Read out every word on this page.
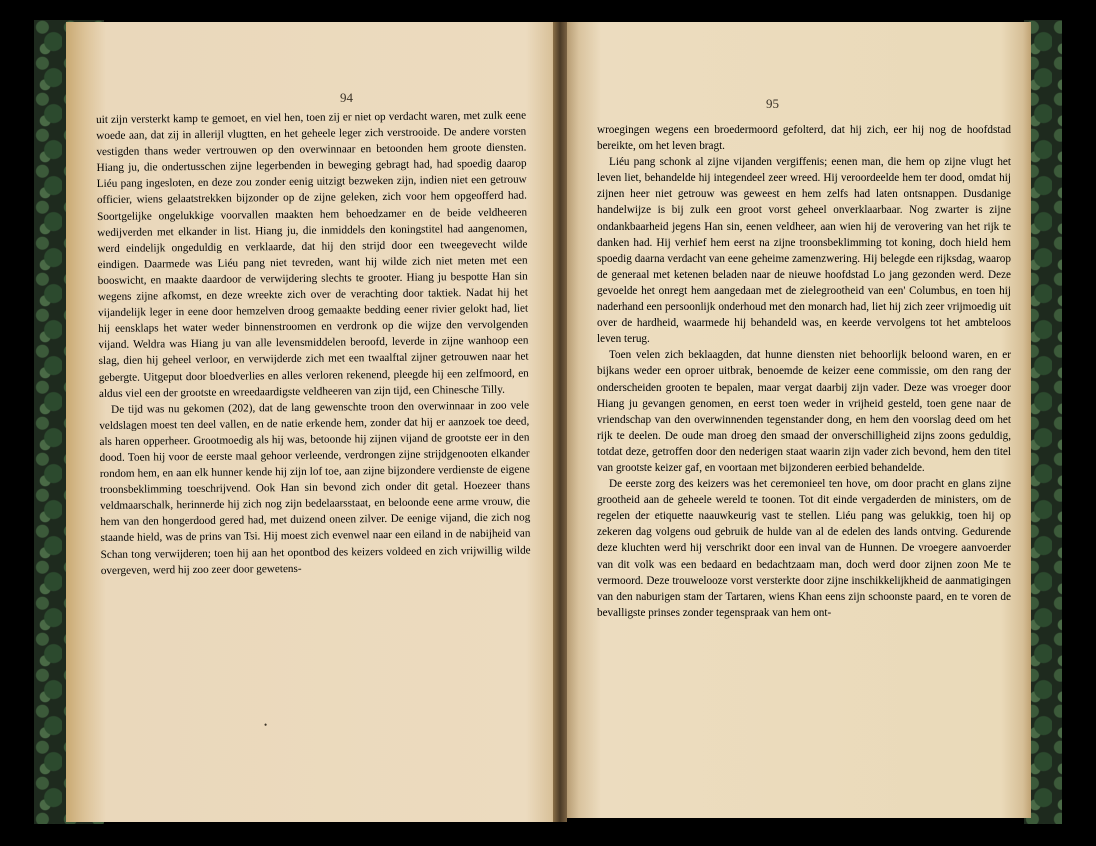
94	95

uit zijn versterkt kamp te gemoet, en viel hen, toen zij er niet op verdacht waren, met zulk eene woede aan, dat zij in allerijl vlugtten, en het geheele leger zich verstrooide. De andere vorsten vestigden thans weder vertrouwen op den overwinnaar en betoonden hem groote diensten. Hiang ju, die ondertusschen zijne legerbenden in beweging gebragt had, had spoedig daarop Liéu pang ingesloten, en deze zou zonder eenig uitzigt bezweken zijn, indien niet een getrouw officier, wiens gelaatstrekken bijzonder op de zijne geleken, zich voor hem opgeofferd had. Soortgelijke ongelukkige voorvallen maakten hem behoedzamer en de beide veldheeren wedijverden met elkander in list. Hiang ju, die inmiddels den koningstitel had aangenomen, werd eindelijk ongeduldig en verklaarde, dat hij den strijd door een tweegevecht wilde eindigen. Daarmede was Liéu pang niet tevreden, want hij wilde zich niet meten met een booswicht, en maakte daardoor de verwijdering slechts te grooter. Hiang ju bespotte Han sin wegens zijne afkomst, en deze wreekte zich over de verachting door taktiek. Nadat hij het vijandelijk leger in eene door hemzelven droog gemaakte bedding eener rivier gelokt had, liet hij eensklaps het water weder binnenstroomen en verdronk op die wijze den vervolgenden vijand. Weldra was Hiang ju van alle levensmiddelen beroofd, leverde in zijne wanhoop een slag, dien hij geheel verloor, en verwijderde zich met een twaalftal zijner getrouwen naar het gebergte. Uitgeput door bloedverlies en alles verloren rekenend, pleegde hij een zelfmoord, en aldus viel een der grootste en wreedaardigste veldheeren van zijn tijd, een Chinesche Tilly.

De tijd was nu gekomen (202), dat de lang gewenschte troon den overwinnaar in zoo vele veldslagen moest ten deel vallen, en de natie erkende hem, zonder dat hij er aanzoek toe deed, als haren opperheer. Grootmoedig als hij was, betoonde hij zijnen vijand de grootste eer in den dood. Toen hij voor de eerste maal gehoor verleende, verdrongen zijne strijdgenooten elkander rondom hem, en aan elk hunner kende hij zijn lof toe, aan zijne bijzondere verdienste de eigene troonsbeklimming toeschrijvend. Ook Han sin bevond zich onder dit getal. Hoezeer thans veldmaarschalk, herinnerde hij zich nog zijn bedelaarsstaat, en beloonde eene arme vrouw, die hem van den hongerdood gered had, met duizend oneen zilver. De eenige vijand, die zich nog staande hield, was de prins van Tsi. Hij moest zich evenwel naar een eiland in de nabijheid van Schan tong verwijderen; toen hij aan het opontbod des keizers voldeed en zich vrijwillig wilde overgeven, werd hij zoo zeer door gewetens-

•

wroegingen wegens een broedermoord gefolterd, dat hij zich, eer hij nog de hoofdstad bereikte, om het leven bragt.

Liéu pang schonk al zijne vijanden vergiffenis; eenen man, die hem op zijne vlugt het leven liet, behandelde hij integendeel zeer wreed. Hij veroordeelde hem ter dood, omdat hij zijnen heer niet getrouw was geweest en hem zelfs had laten ontsnappen. Dusdanige handelwijze is bij zulk een groot vorst geheel onverklaarbaar. Nog zwarter is zijne ondankbaarheid jegens Han sin, eenen veldheer, aan wien hij de verovering van het rijk te danken had. Hij verhief hem eerst na zijne troonsbeklimming tot koning, doch hield hem spoedig daarna verdacht van eene geheime zamenzwering. Hij belegde een rijksdag, waarop de generaal met ketenen beladen naar de nieuwe hoofdstad Lo jang gezonden werd. Deze gevoelde het onregt hem aangedaan met de zielegrootheid van een' Columbus, en toen hij naderhand een persoonlijk onderhoud met den monarch had, liet hij zich zeer vrijmoedig uit over de hardheid, waarmede hij behandeld was, en keerde vervolgens tot het ambteloos leven terug.

Toen velen zich beklaagden, dat hunne diensten niet behoorlijk beloond waren, en er bijkans weder een oproer uitbrak, benoemde de keizer eene commissie, om den rang der onderscheiden grooten te bepalen, maar vergat daarbij zijn vader. Deze was vroeger door Hiang ju gevangen genomen, en eerst toen weder in vrijheid gesteld, toen gene naar de vriendschap van den overwinnenden tegenstander dong, en hem den voorslag deed om het rijk te deelen. De oude man droeg den smaad der onverschilligheid zijns zoons geduldig, totdat deze, getroffen door den nederigen staat waarin zijn vader zich bevond, hem den titel van grootste keizer gaf, en voortaan met bijzonderen eerbied behandelde.

De eerste zorg des keizers was het ceremonieel ten hove, om door pracht en glans zijne grootheid aan de geheele wereld te toonen. Tot dit einde vergaderden de ministers, om de regelen der etiquette naauwkeurig vast te stellen. Liéu pang was gelukkig, toen hij op zekeren dag volgens oud gebruik de hulde van al de edelen des lands ontving. Gedurende deze kluchten werd hij verschrikt door een inval van de Hunnen. De vroegere aanvoerder van dit volk was een bedaard en bedachtzaam man, doch werd door zijnen zoon Me te vermoord. Deze trouwelooze vorst versterkte door zijne inschikkelijkheid de aanmatigingen van den naburigen stam der Tartaren, wiens Khan eens zijn schoonste paard, en te voren de bevalligste prinses zonder tegenspraak van hem ont-
